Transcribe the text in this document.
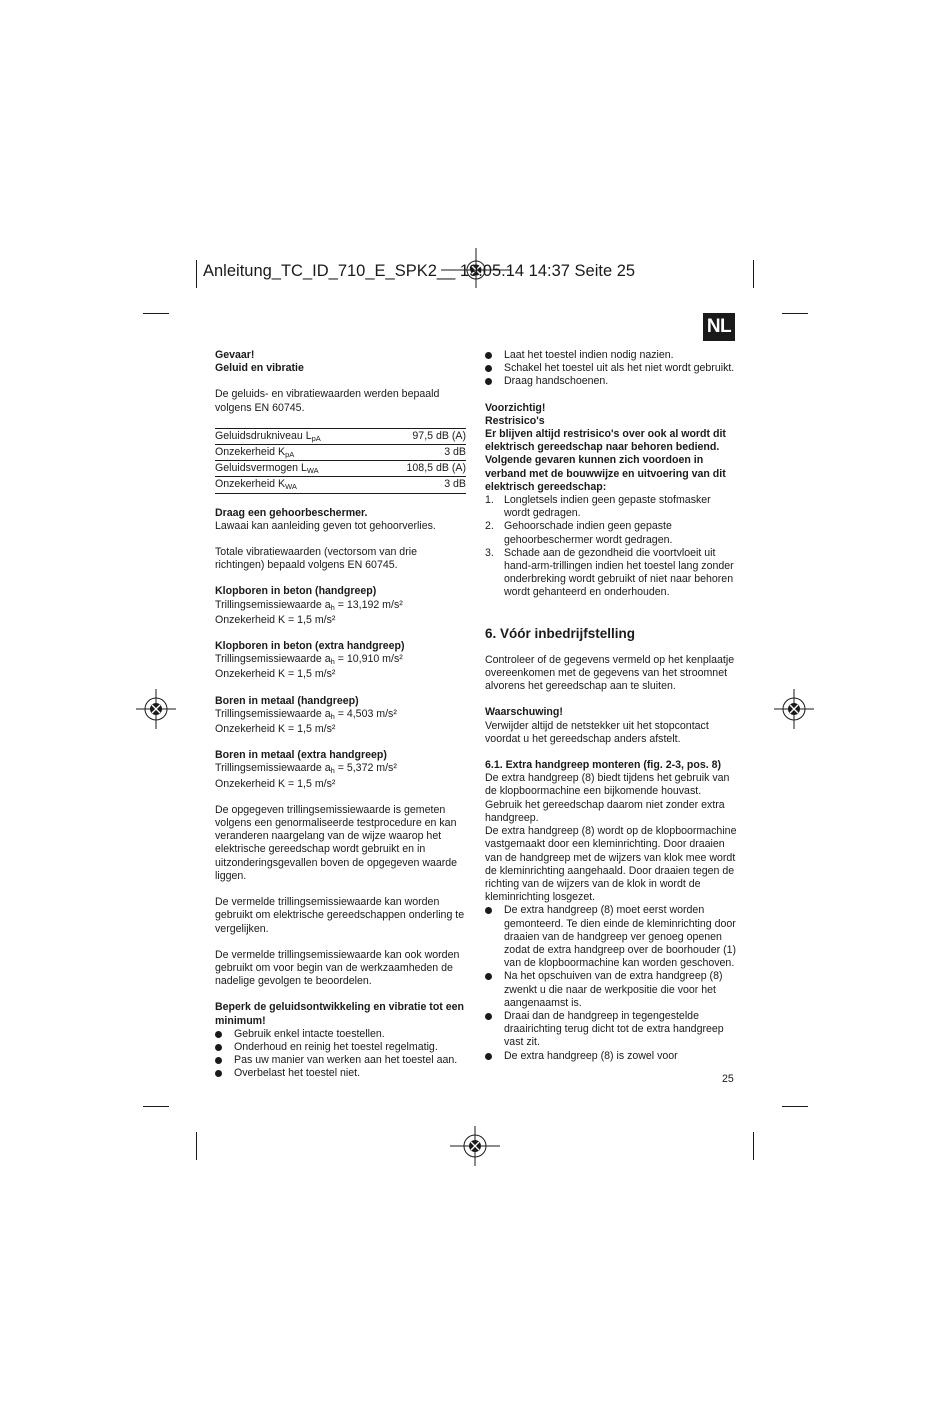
Anleitung_TC_ID_710_E_SPK2__ 19.05.14 14:37 Seite 25
NL

Gevaar!

Geluid en vibratie

De geluids- en vibratiewaarden werden bepaald volgens EN 60745.

Geluidsdrukniveau $L_{pA}$	97,5 dB (A)
Onzekerheid $K_{pA}$	3 dB
Geluidsvermogen $L_{WA}$	108,5 dB (A)
Onzekerheid $K_{WA}$	3 dB

Draag een gehoorbeschermer.

Lawaai kan aanleiding geven tot gehoorverlies.

Totale vibratiewaarden (vectorsom van drie richtingen) bepaald volgens EN 60745.

Klopboren in beton (handgreep)

Trillingsemissiewaarde $a_h = 13,192$ m/s²

Onzekerheid K = 1,5 m/s²

Klopboren in beton (extra handgreep)

Trillingsemissiewaarde $a_h = 10,910$ m/s²

Onzekerheid K = 1,5 m/s²

Boren in metaal (handgreep)

Trillingsemissiewaarde $a_h = 4,503$ m/s²

Onzekerheid K = 1,5 m/s²

Boren in metaal (extra handgreep)

Trillingsemissiewaarde $a_h = 5,372$ m/s²

Onzekerheid K = 1,5 m/s²

De opgegeven trillingsemissiewaarde is gemeten volgens een genormaliseerde testprocedure en kan veranderen naargelang van de wijze waarop het elektrische gereedschap wordt gebruikt en in uitzonderingsgevallen boven de opgegeven waarde liggen.

De vermelde trillingsemissiewaarde kan worden gebruikt om elektrische gereedschappen onderling te vergelijken.

De vermelde trillingsemissiewaarde kan ook worden gebruikt om voor begin van de werkzaamheden de nadelige gevolgen te beoordelen.

Beperk de geluidsontwikkeling en vibratie tot een minimum!

Gebruik enkel intacte toestellen.
Onderhoud en reinig het toestel regelmatig.
Pas uw manier van werken aan het toestel aan.
Overbelast het toestel niet.
Laat het toestel indien nodig nazien.
Schakel het toestel uit als het niet wordt gebruikt.
Draag handschoenen.

Voorzichtig!

Restrisico's

Er blijven altijd restrisico's over ook al wordt dit elektrisch gereedschap naar behoren bediend. Volgende gevaren kunnen zich voordoen in verband met de bouwwijze en uitvoering van dit elektrisch gereedschap:

1. Longletsels indien geen gepaste stofmasker wordt gedragen.
2. Gehoorschade indien geen gepaste gehoorbeschermer wordt gedragen.
3. Schade aan de gezondheid die voortvloeit uit hand-arm-trillingen indien het toestel lang zonder onderbreking wordt gebruikt of niet naar behoren wordt gehanteerd en onderhouden.

6. Vóór inbedrijfstelling

Controleer of de gegevens vermeld op het kenplaatje overeenkomen met de gegevens van het stroomnet alvorens het gereedschap aan te sluiten.

Waarschuwing!

Verwijder altijd de netstekker uit het stopcontact voordat u het gereedschap anders afstelt.

6.1. Extra handgreep monteren (fig. 2-3, pos. 8)

De extra handgreep (8) biedt tijdens het gebruik van de klopboormachine een bijkomende houvast. Gebruik het gereedschap daarom niet zonder extra handgreep.

De extra handgreep (8) wordt op de klopboormachine vastgemaakt door een kleminrichting. Door draaien van de handgreep met de wijzers van klok mee wordt de kleminrichting aangehaald. Door draaien tegen de richting van de wijzers van de klok in wordt de kleminrichting losgezet.

De extra handgreep (8) moet eerst worden gemonteerd. Te dien einde de kleminrichting door draaien van de handgreep ver genoeg openen zodat de extra handgreep over de boorhouder (1) van de klopboormachine kan worden geschoven.
Na het opschuiven van de extra handgreep (8) zwenkt u die naar de werkpositie die voor het aangenaamst is.
Draai dan de handgreep in tegengestelde draairichting terug dicht tot de extra handgreep vast zit.
De extra handgreep (8) is zowel voor
25
